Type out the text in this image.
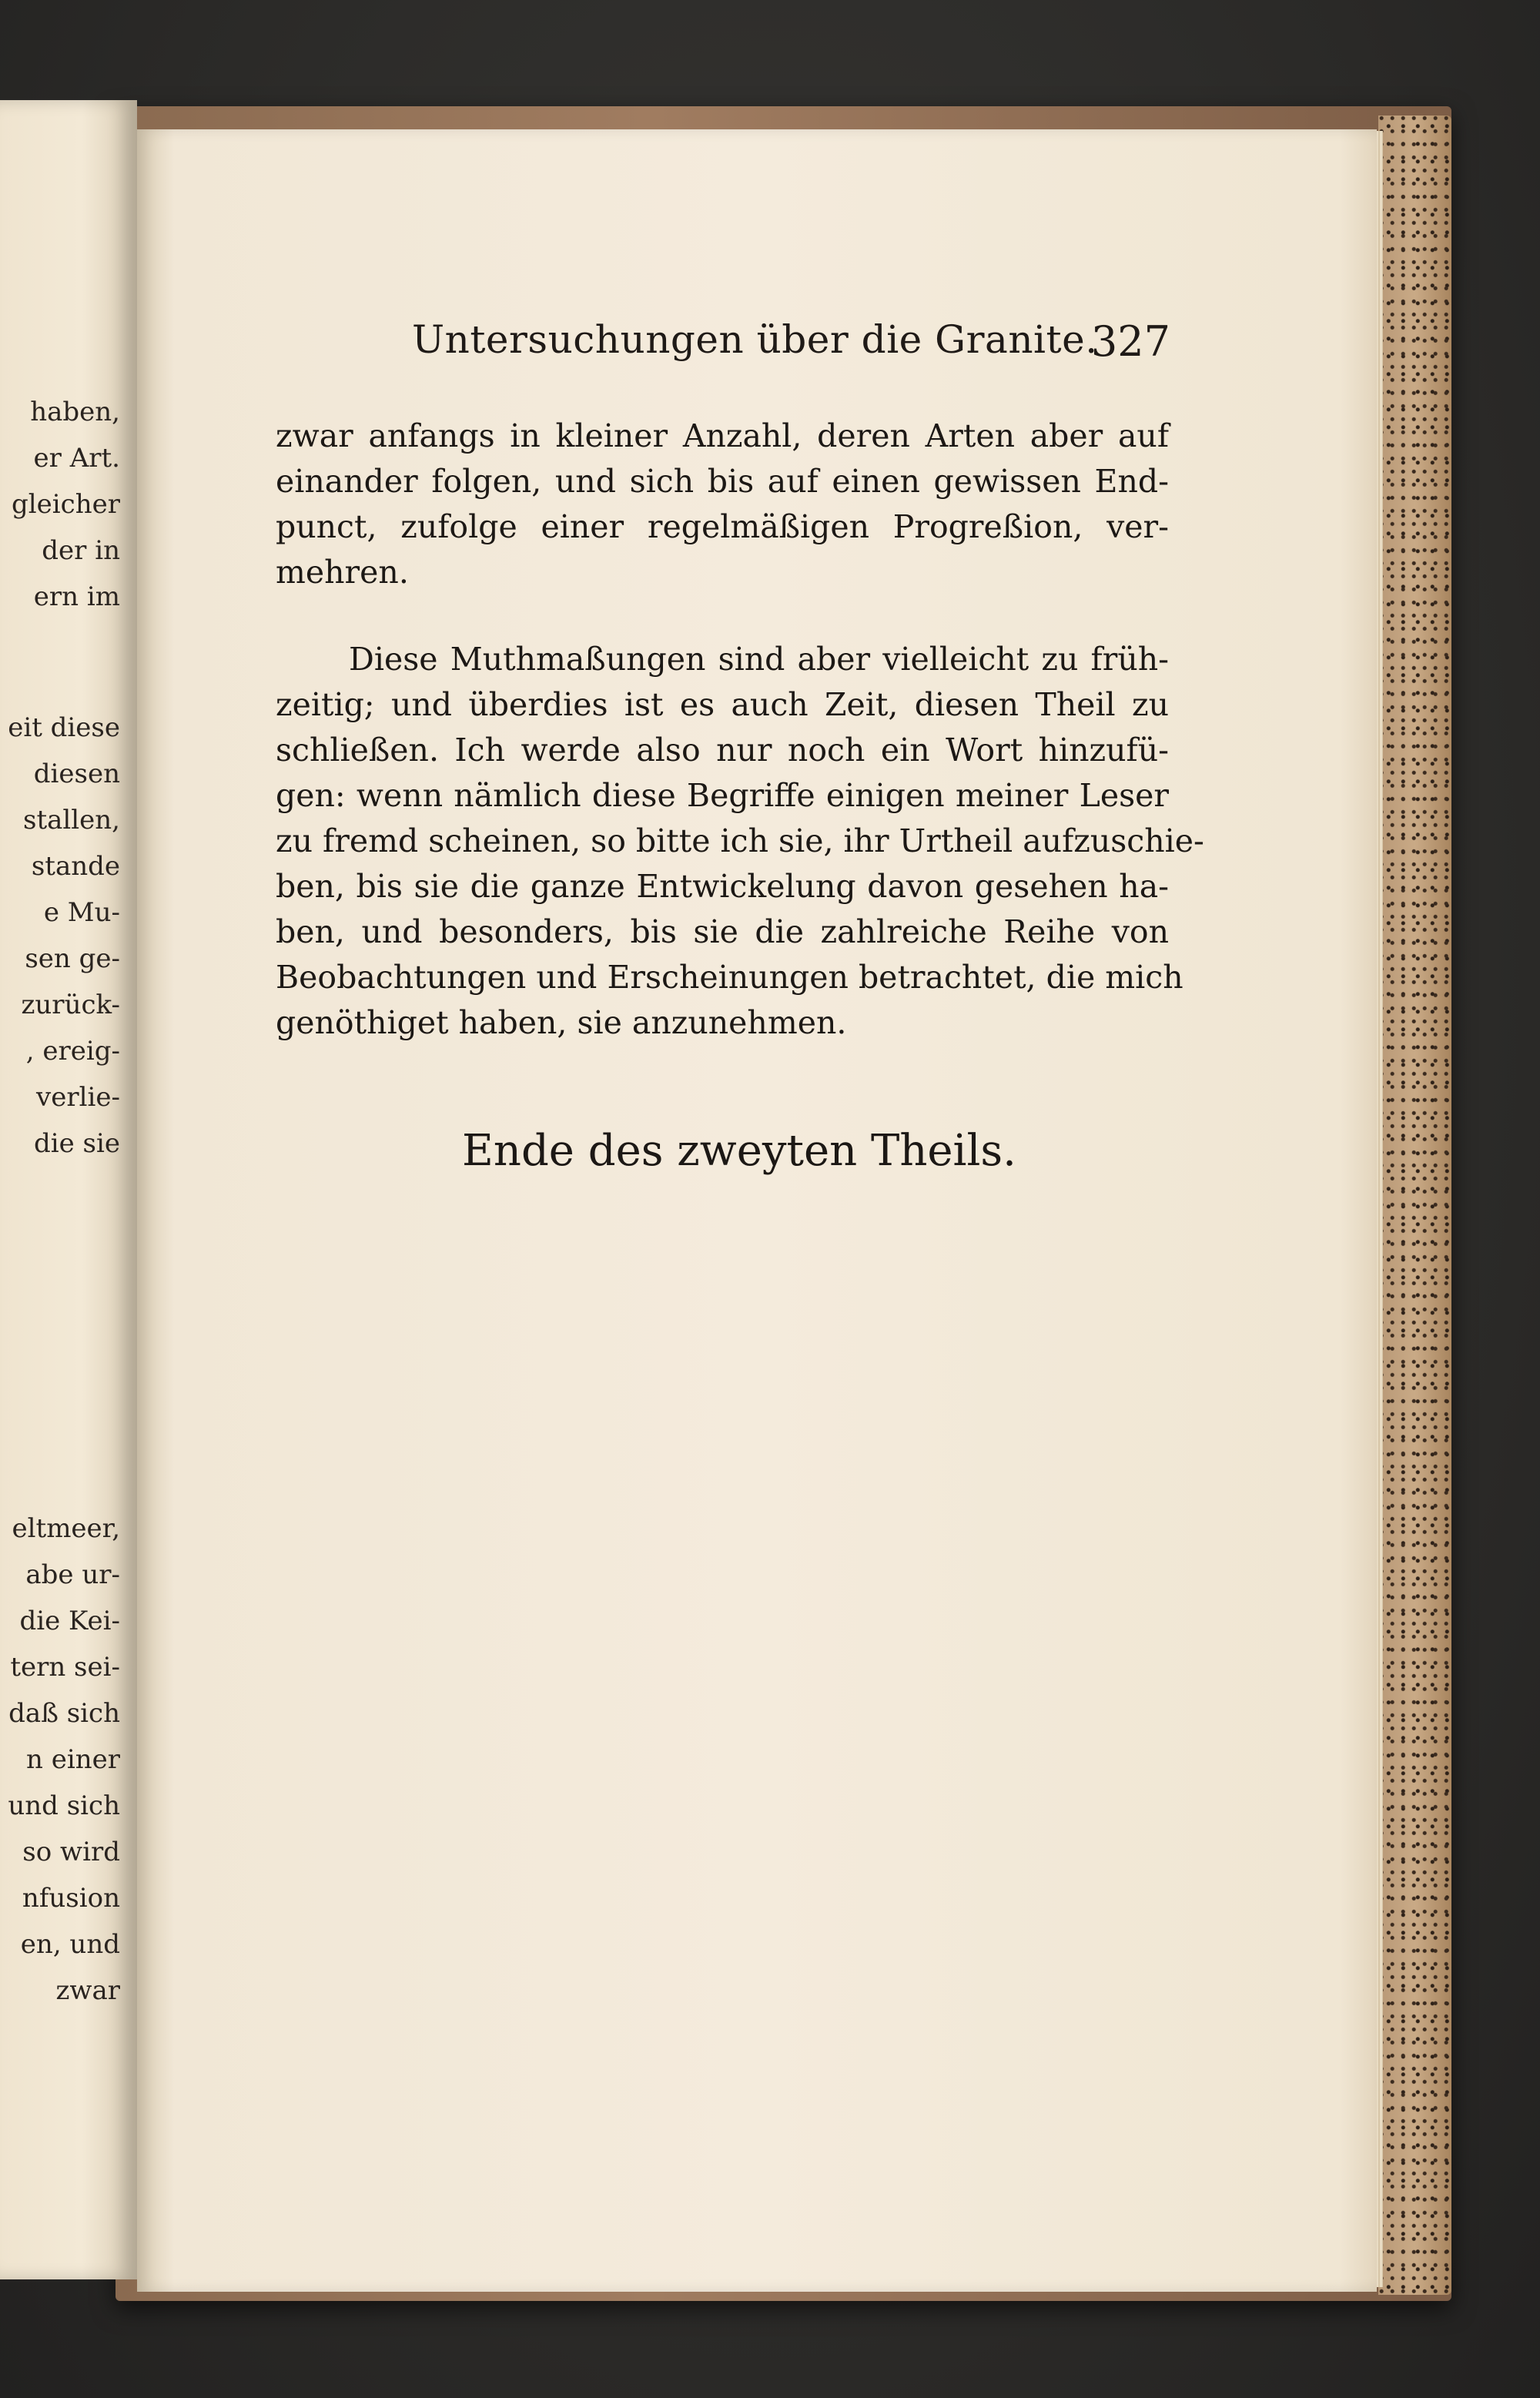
haben,
er Art.
gleicher
der in
ern im
eit diese
diesen
stallen,
stande
e Mu-
sen ge-
zurück-
, ereig-
verlie-
die sie
eltmeer,
abe ur-
die Kei-
tern sei-
daß sich
n einer
und sich
so wird
nfusion
en, und
zwar
Untersuchungen über die Granite.
327
zwar anfangs in kleiner Anzahl, deren Arten aber auf
einander folgen, und sich bis auf einen gewissen End-
punct, zufolge einer regelmäßigen Progreßion, ver-
mehren.
Diese Muthmaßungen sind aber vielleicht zu früh-
zeitig; und überdies ist es auch Zeit, diesen Theil zu
schließen. Ich werde also nur noch ein Wort hinzufü-
gen: wenn nämlich diese Begriffe einigen meiner Leser
zu fremd scheinen, so bitte ich sie, ihr Urtheil aufzuschie-
ben, bis sie die ganze Entwickelung davon gesehen ha-
ben, und besonders, bis sie die zahlreiche Reihe von
Beobachtungen und Erscheinungen betrachtet, die mich
genöthiget haben, sie anzunehmen.
Ende des zweyten Theils.
